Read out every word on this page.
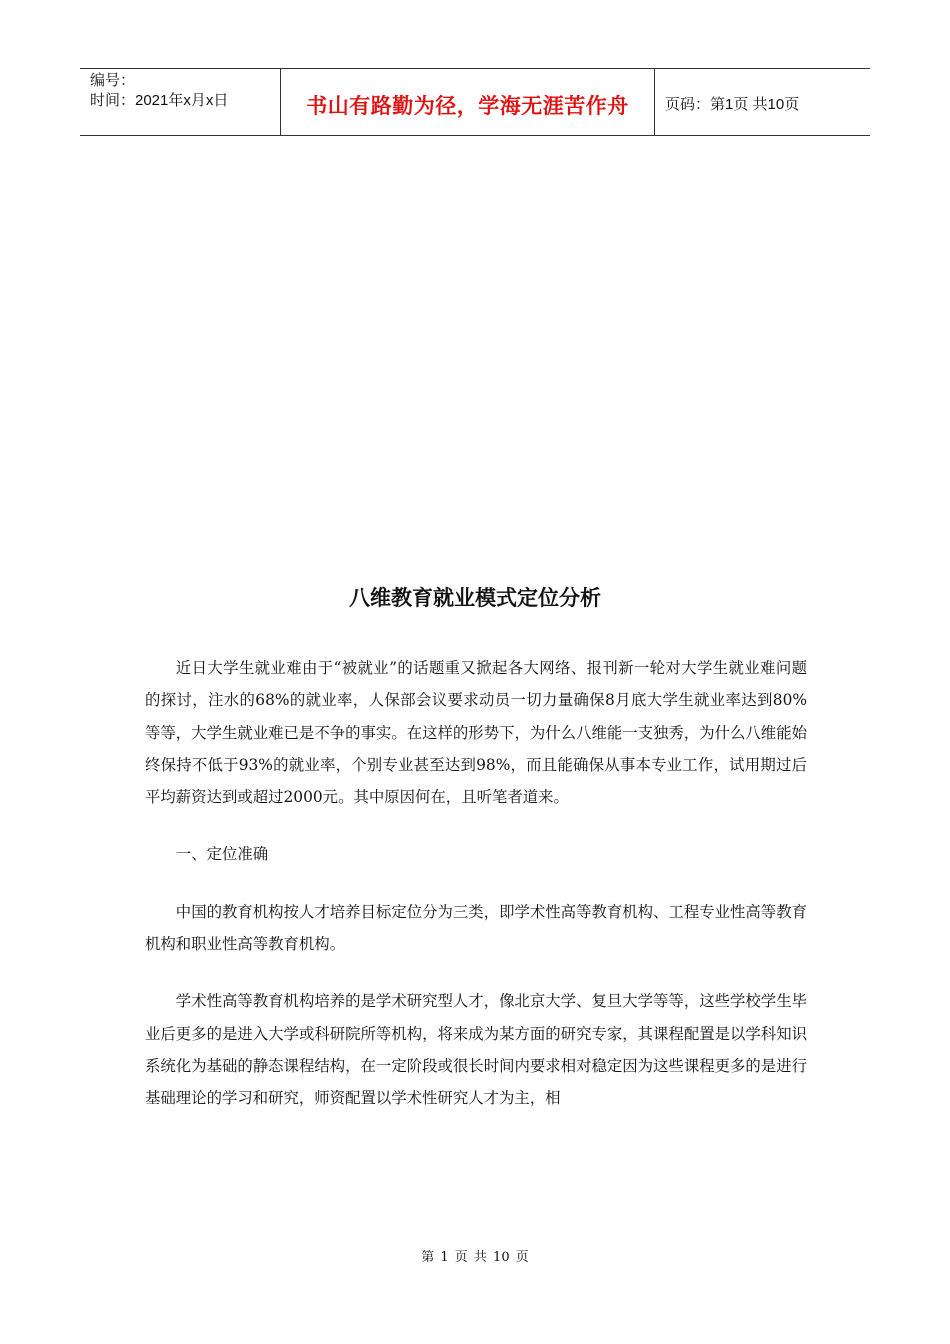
编号：
时间：2021年x月x日	书山有路勤为径，学海无涯苦作舟 页码：第1页 共10页
八维教育就业模式定位分析

近日大学生就业难由于“被就业”的话题重又掀起各大网络、报刊新一轮对大学生就业难问题的探讨，注水的68%的就业率，人保部会议要求动员一切力量确保8月底大学生就业率达到80%等等，大学生就业难已是不争的事实。在这样的形势下，为什么八维能一支独秀，为什么八维能始终保持不低于93%的就业率，个别专业甚至达到98%，而且能确保从事本专业工作，试用期过后平均薪资达到或超过2000元。其中原因何在，且听笔者道来。

一、定位准确

中国的教育机构按人才培养目标定位分为三类，即学术性高等教育机构、工程专业性高等教育机构和职业性高等教育机构。

学术性高等教育机构培养的是学术研究型人才，像北京大学、复旦大学等等，这些学校学生毕业后更多的是进入大学或科研院所等机构，将来成为某方面的研究专家，其课程配置是以学科知识系统化为基础的静态课程结构，在一定阶段或很长时间内要求相对稳定因为这些课程更多的是进行基础理论的学习和研究，师资配置以学术性研究人才为主，相

第 1 页 共 10 页
